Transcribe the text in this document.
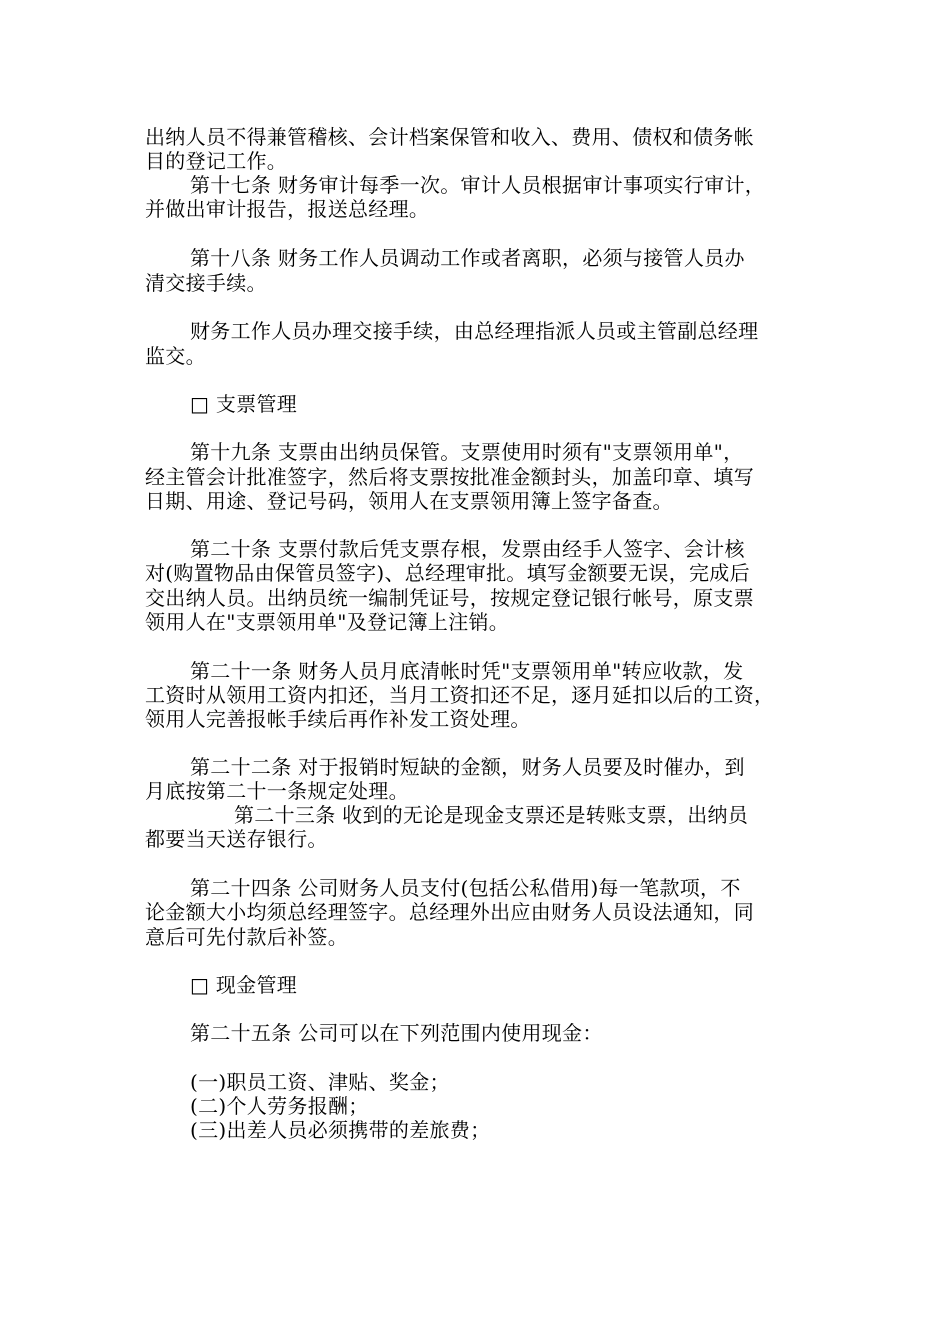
出纳人员不得兼管稽核、会计档案保管和收入、费用、债权和债务帐
目的登记工作。
第十七条 财务审计每季一次。审计人员根据审计事项实行审计，
并做出审计报告，报送总经理。
第十八条 财务工作人员调动工作或者离职，必须与接管人员办
清交接手续。
财务工作人员办理交接手续，由总经理指派人员或主管副总经理
监交。
□ 支票管理
第十九条 支票由出纳员保管。支票使用时须有"支票领用单"，
经主管会计批准签字，然后将支票按批准金额封头，加盖印章、填写
日期、用途、登记号码，领用人在支票领用簿上签字备查。
第二十条 支票付款后凭支票存根，发票由经手人签字、会计核
对(购置物品由保管员签字)、总经理审批。填写金额要无误，完成后
交出纳人员。出纳员统一编制凭证号，按规定登记银行帐号，原支票
领用人在"支票领用单"及登记簿上注销。
第二十一条 财务人员月底清帐时凭"支票领用单"转应收款，发
工资时从领用工资内扣还，当月工资扣还不足，逐月延扣以后的工资，
领用人完善报帐手续后再作补发工资处理。
第二十二条 对于报销时短缺的金额，财务人员要及时催办，到
月底按第二十一条规定处理。
第二十三条 收到的无论是现金支票还是转账支票，出纳员
都要当天送存银行。
第二十四条 公司财务人员支付(包括公私借用)每一笔款项，不
论金额大小均须总经理签字。总经理外出应由财务人员设法通知，同
意后可先付款后补签。
□ 现金管理
第二十五条 公司可以在下列范围内使用现金：
(一)职员工资、津贴、奖金；
(二)个人劳务报酬；
(三)出差人员必须携带的差旅费；
